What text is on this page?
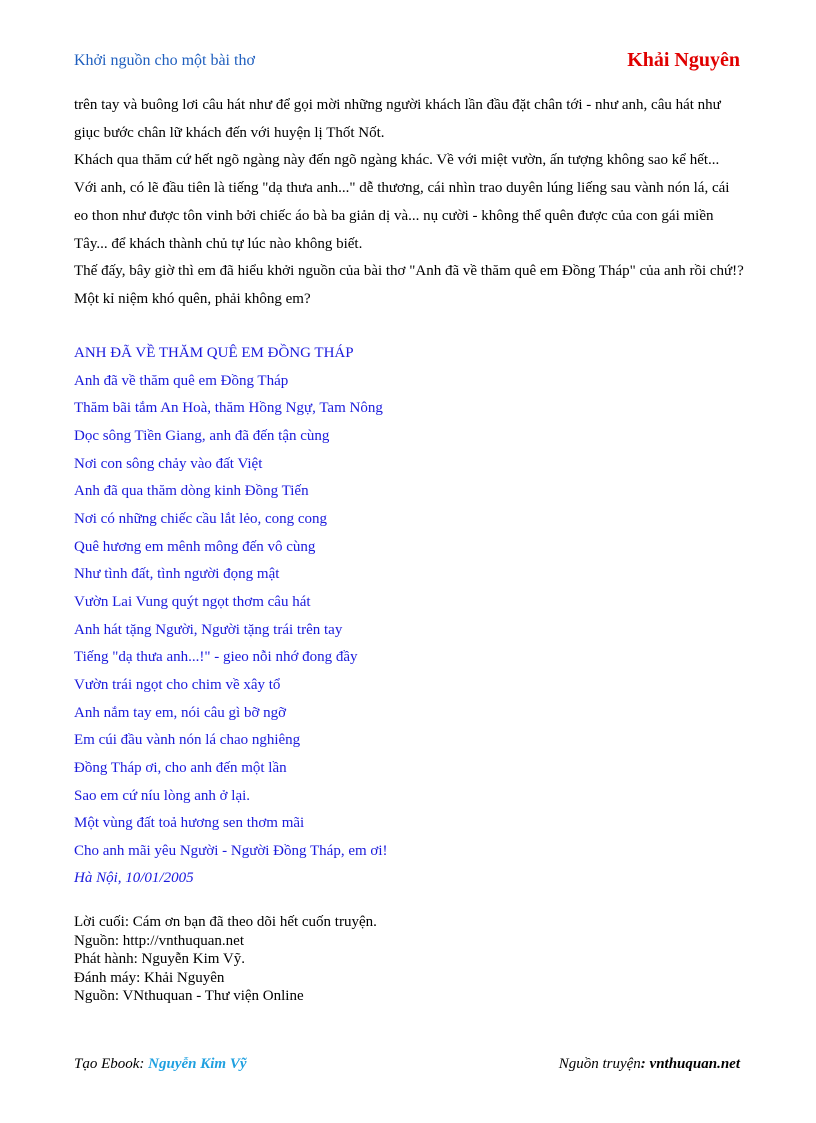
Khởi nguồn cho một bài thơ	Khải Nguyên

trên tay và buông lơi câu hát như để gọi mời những người khách lần đầu đặt chân tới - như anh, câu hát như giục bước chân lữ khách đến với huyện lị Thốt Nốt.

Khách qua thăm cứ hết ngõ ngàng này đến ngõ ngàng khác. Về với miệt vườn, ấn tượng không sao kể hết...

Với anh, có lẽ đầu tiên là tiếng "dạ thưa anh..." dễ thương, cái nhìn trao duyên lúng liếng sau vành nón lá, cái eo thon như được tôn vinh bởi chiếc áo bà ba giản dị và... nụ cười - không thể quên được của con gái miền Tây... để khách thành chủ tự lúc nào không biết.

Thế đấy, bây giờ thì em đã hiểu khởi nguồn của bài thơ "Anh đã về thăm quê em Đồng Tháp" của anh rồi chứ!? Một kỉ niệm khó quên, phải không em?

ANH ĐÃ VỀ THĂM QUÊ EM ĐỒNG THÁP
Anh đã về thăm quê em Đồng Tháp
Thăm bãi tắm An Hoà, thăm Hồng Ngự, Tam Nông
Dọc sông Tiền Giang, anh đã đến tận cùng
Nơi con sông chảy vào đất Việt
Anh đã qua thăm dòng kinh Đồng Tiến
Nơi có những chiếc cầu lắt lẻo, cong cong
Quê hương em mênh mông đến vô cùng
Như tình đất, tình người đọng mật
Vườn Lai Vung quýt ngọt thơm câu hát
Anh hát tặng Người, Người tặng trái trên tay
Tiếng "dạ thưa anh...!" - gieo nỗi nhớ đong đầy
Vườn trái ngọt cho chim về xây tổ
Anh nắm tay em, nói câu gì bỡ ngỡ
Em cúi đầu vành nón lá chao nghiêng
Đồng Tháp ơi, cho anh đến một lần
Sao em cứ níu lòng anh ở lại.
Một vùng đất toả hương sen thơm mãi
Cho anh mãi yêu Người - Người Đồng Tháp, em ơi!
Hà Nội, 10/01/2005
Lời cuối: Cám ơn bạn đã theo dõi hết cuốn truyện.
Nguồn: http://vnthuquan.net
Phát hành: Nguyễn Kim Vỹ.
Đánh máy: Khải Nguyên
Nguồn: VNthuquan - Thư viện Online
Tạo Ebook: Nguyễn Kim Vỹ	Nguồn truyện: vnthuquan.net
